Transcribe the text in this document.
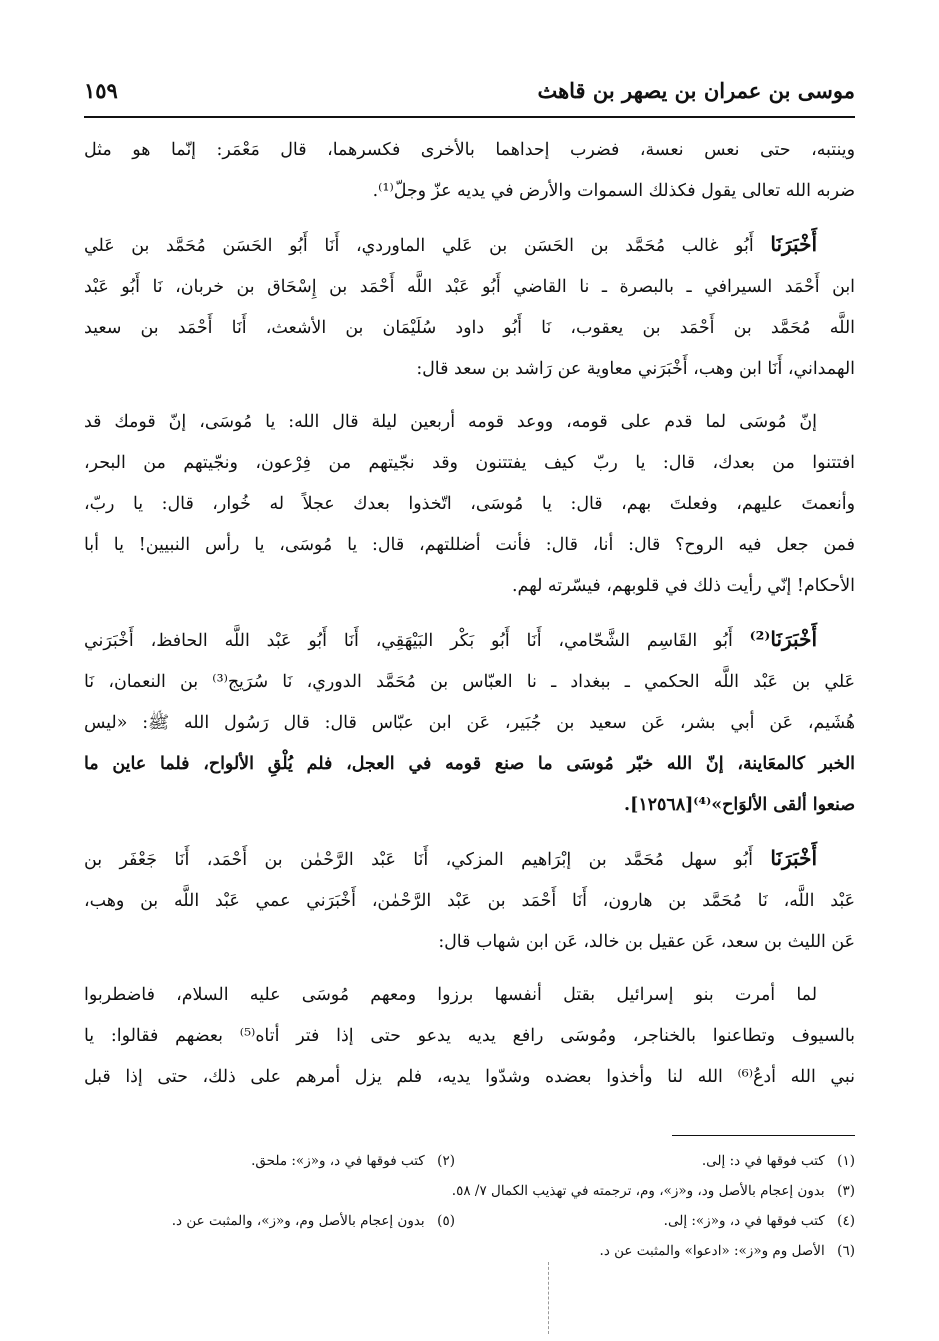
موسى بن عمران بن يصهر بن قاهث
١٥٩

وينتبه، حتى نعس نعسة، فضرب إحداهما بالأخرى فكسرهما، قال مَعْمَر: إنّما هو مثل
ضربه الله تعالى يقول فكذلك السموات والأرض في يديه عزّ وجلّ⁽¹⁾.

أَخْبَرَنَا أَبُو غالب مُحَمَّد بن الحَسَن بن عَلي الماوردي، أَنَا أَبُو الحَسَن مُحَمَّد بن عَلي
ابن أَحْمَد السيرافي ـ بالبصرة ـ نا القاضي أَبُو عَبْد اللَّه أَحْمَد بن إِسْحَاق بن خربان، نَا أَبُو عَبْد
اللَّه مُحَمَّد بن أَحْمَد بن يعقوب، نَا أَبُو داود سُلَيْمَان بن الأشعث، أَنَا أَحْمَد بن سعيد
الهمداني، أَنَا ابن وهب، أَخْبَرَني معاوية عن رَاشد بن سعد قال:

إنّ مُوسَى لما قدم على قومه، ووعد قومه أربعين ليلة قال الله: يا مُوسَى، إنّ قومك قد
افتتنوا من بعدك، قال: يا ربّ كيف يفتتنون وقد نجّيتهم من فِرْعون، ونجّيتهم من البحر،
وأنعمتَ عليهم، وفعلتَ بهم، قال: يا مُوسَى، اتّخذوا بعدك عجلاً له خُوار، قال: يا ربّ،
فمن جعل فيه الروح؟ قال: أنا، قال: فأنت أضللتهم، قال: يا مُوسَى، يا رأس النبيين! يا أبا
الأحكام! إنّي رأيت ذلك في قلوبهم، فيسّرته لهم.

أَخْبَرَنَا⁽²⁾ أَبُو القَاسِم الشَّحّامي، أَنَا أَبُو بَكْر البَيْهَقِي، أَنَا أَبُو عَبْد اللَّه الحافظ، أَخْبَرَني
عَلي بن عَبْد اللَّه الحكمي ـ ببغداد ـ نا العبّاس بن مُحَمَّد الدوري، نَا سُرَيج⁽³⁾ بن النعمان، نَا
هُشَيم، عَن أبي بشر، عَن سعيد بن جُبَير، عَن ابن عبّاس قال: قال رَسُول الله ﷺ: «ليس
الخبر كالمعَاينة، إنّ الله خبّر مُوسَى ما صنع قومه في العجل، فلم يُلْقِ الألواح، فلما عاين ما
صنعوا ألقى الألوَاح»⁽⁴⁾[١٢٥٦٨].

أَخْبَرَنَا أَبُو سهل مُحَمَّد بن إبْرَاهيم المزكي، أَنَا عَبْد الرَّحْمٰن بن أَحْمَد، أَنَا جَعْفَر بن
عَبْد اللَّه، نَا مُحَمَّد بن هارون، أَنَا أَحْمَد بن عَبْد الرَّحْمٰن، أَخْبَرَني عمي عَبْد اللَّه بن وهب،
عَن الليث بن سعد، عَن عقيل بن خالد، عَن ابن شهاب قال:

لما أمرت بنو إسرائيل بقتل أنفسها برزوا ومعهم مُوسَى عليه السلام، فاضطربوا
بالسيوف وتطاعنوا بالخناجر، ومُوسَى رافع يديه يدعو حتى إذا فتر أتاه⁽⁵⁾ بعضهم فقالوا: يا
نبي الله أدعُ⁽⁶⁾ الله لنا وأخذوا بعضده وشدّوا يديه، فلم يزل أمرهم على ذلك، حتى إذا قبل

(١) كتب فوقها في د: إلى.
(٢) كتب فوقها في د، و«ز»: ملحق.
(٣) بدون إعجام بالأصل ود، و«ز»، وم، ترجمته في تهذيب الكمال ٧/ ٥٨.
(٤) كتب فوقها في د، و«ز»: إلى.
(٥) بدون إعجام بالأصل وم، و«ز»، والمثبت عن د.
(٦) الأصل وم و«ز»: «ادعوا» والمثبت عن د.
